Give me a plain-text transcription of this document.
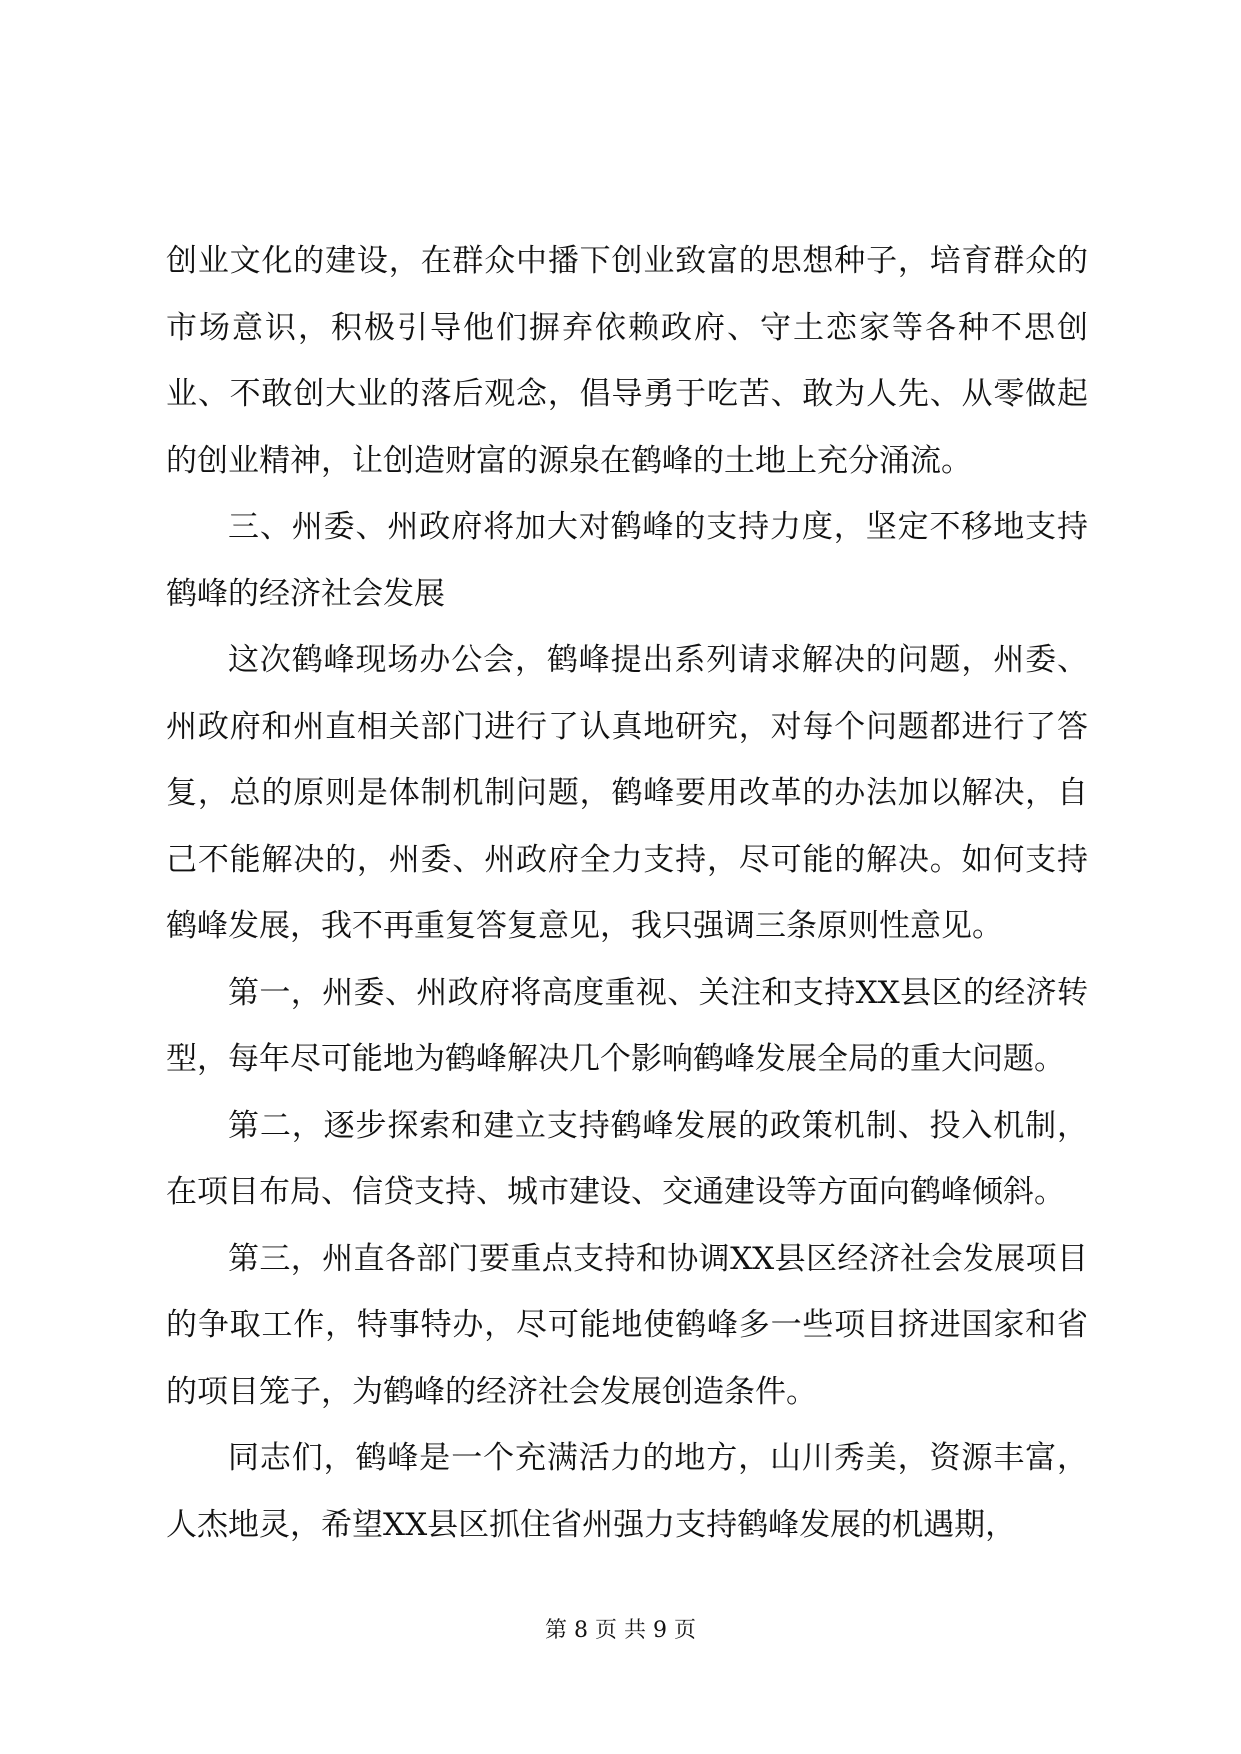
创业文化的建设，在群众中播下创业致富的思想种子，培育群众的市场意识，积极引导他们摒弃依赖政府、守土恋家等各种不思创业、不敢创大业的落后观念，倡导勇于吃苦、敢为人先、从零做起的创业精神，让创造财富的源泉在鹤峰的土地上充分涌流。

三、州委、州政府将加大对鹤峰的支持力度，坚定不移地支持鹤峰的经济社会发展

这次鹤峰现场办公会，鹤峰提出系列请求解决的问题，州委、州政府和州直相关部门进行了认真地研究，对每个问题都进行了答复，总的原则是体制机制问题，鹤峰要用改革的办法加以解决，自己不能解决的，州委、州政府全力支持，尽可能的解决。如何支持鹤峰发展，我不再重复答复意见，我只强调三条原则性意见。

第一，州委、州政府将高度重视、关注和支持XX县区的经济转型，每年尽可能地为鹤峰解决几个影响鹤峰发展全局的重大问题。

第二，逐步探索和建立支持鹤峰发展的政策机制、投入机制，在项目布局、信贷支持、城市建设、交通建设等方面向鹤峰倾斜。

第三，州直各部门要重点支持和协调XX县区经济社会发展项目的争取工作，特事特办，尽可能地使鹤峰多一些项目挤进国家和省的项目笼子，为鹤峰的经济社会发展创造条件。

同志们，鹤峰是一个充满活力的地方，山川秀美，资源丰富，人杰地灵，希望XX县区抓住省州强力支持鹤峰发展的机遇期，

第 8 页 共 9 页
